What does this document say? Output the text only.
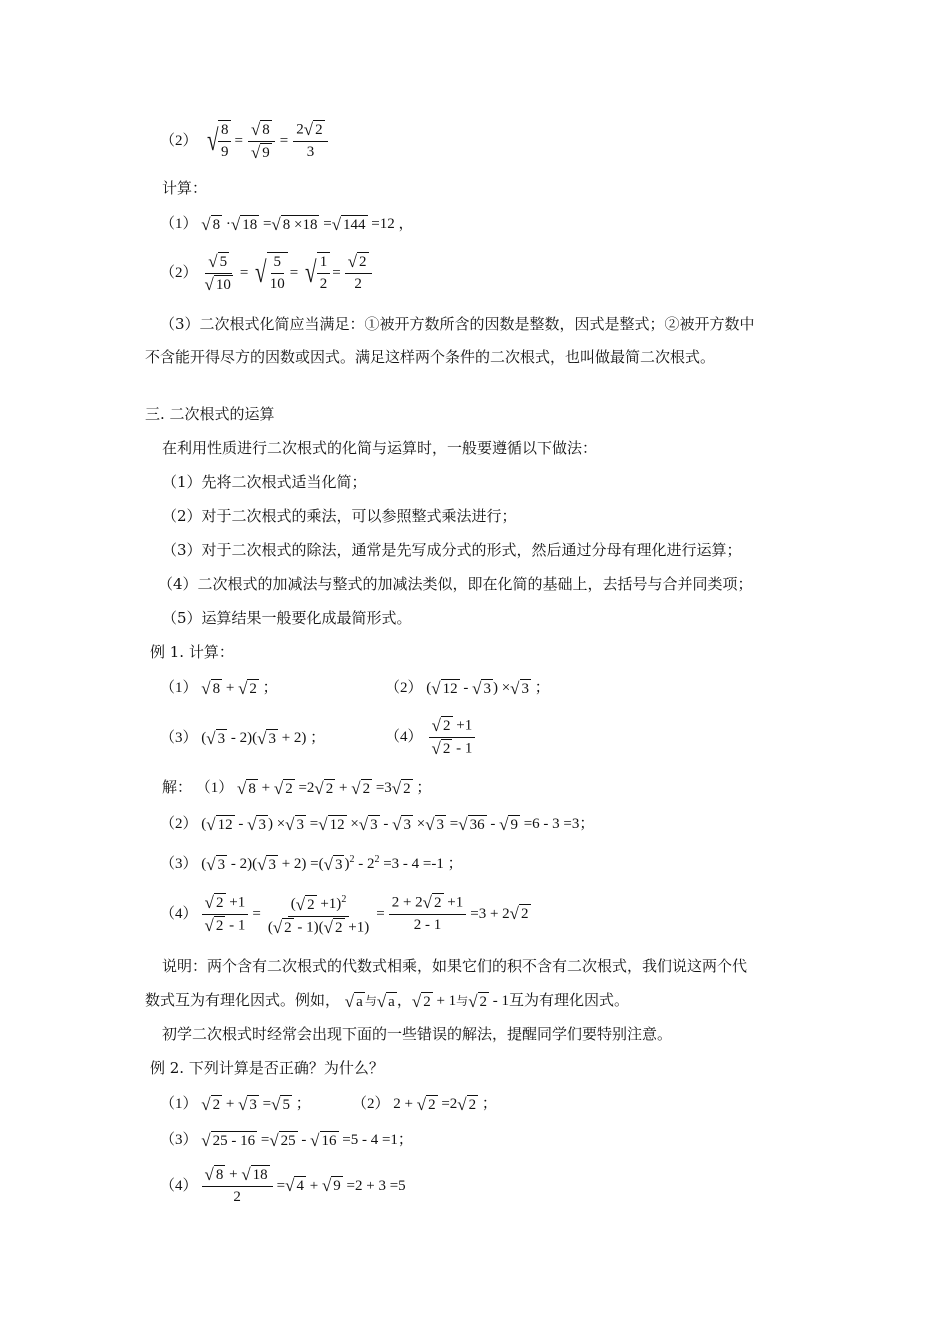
（2） √ $\frac{8}{9} = \frac{√ 8}{√ 9} = \frac{2 √ 2}{3}$
计算：
（1） √ 8 · √ 18 = √ 8 ×18 = √ 144 =12 ，
$(2) \frac{√ 5}{√ 10}$ = √ $\frac{5}{10}$ = √ $\frac{1}{2} = \frac{√ 2}{2}$
（3）二次根式化简应当满足：①被开方数所含的因数是整数，因式是整式；②被开方数中
不含能开得尽方的因数或因式。满足这样两个条件的二次根式，也叫做最简二次根式。
三. 二次根式的运算
在利用性质进行二次根式的化简与运算时，一般要遵循以下做法：
（1）先将二次根式适当化简；
（2）对于二次根式的乘法，可以参照整式乘法进行；
（3）对于二次根式的除法，通常是先写成分式的形式，然后通过分母有理化进行运算；
（4）二次根式的加减法与整式的加减法类似，即在化简的基础上，去括号与合并同类项；
（5）运算结果一般要化成最简形式。
例 1. 计算：
（1） √ 8 + √ 2 ；	（2） ( √ 12 - √ 3 ) × √ 3 ；
（3） ( √ 3 - 2)( √ 3 + 2) ；	$(4) \frac{√ 2 +1}{√ 2 - 1}$
解： （1） √ 8 + √ 2 =2 √ 2 + √ 2 =3 √ 2 ；
（2） ( √ 12 - √ 3 ) × √ 3 = √ 12 × √ 3 - √ 3 × √ 3 = √ 36 - √ 9 =6 - 3 =3；
（3） ( √ 3 - 2)( √ 3 + 2) =( √ 3 )$^2 - 2^2 =3 - 4 =-1$ ；
$(4) \frac{√ 2 +1}{√ 2 - 1} = \frac{( √ 2 +1)^2}{( √ 2 - 1)( √ 2 +1)} = \frac{2 + 2 √ 2 +1}{2 - 1} =3 + 2$ √ 2
说明：两个含有二次根式的代数式相乘，如果它们的积不含有二次根式，我们说这两个代
数式互为有理化因式。例如， √ a 与 √ a ， √ 2 + 1与 √ 2 - 1互为有理化因式。
初学二次根式时经常会出现下面的一些错误的解法，提醒同学们要特别注意。
例 2. 下列计算是否正确？为什么？
（1） √ 2 + √ 3 = √ 5 ；	（2） 2 + √ 2 =2 √ 2 ；
（3） √ 25 - 16 = √ 25 - √ 16 =5 - 4 =1；
$(4) \frac{√ 8 + √ 18}{2}$ = √ 4 + √ 9 =2 + 3 =5
